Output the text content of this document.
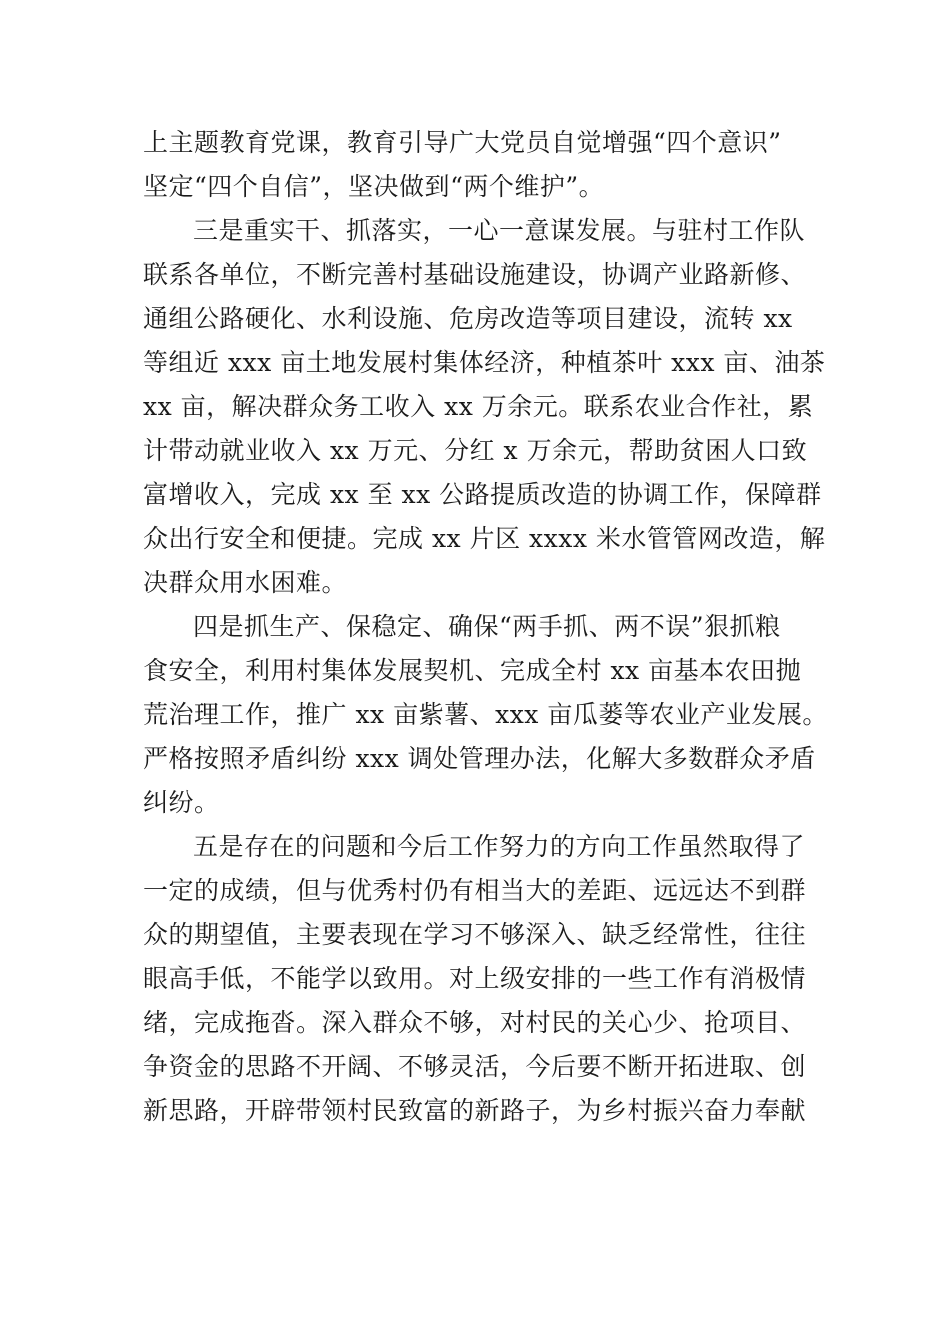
上主题教育党课，教育引导广大党员自觉增强“四个意识”
坚定“四个自信”，坚决做到“两个维护”。
三是重实干、抓落实，一心一意谋发展。与驻村工作队
联系各单位，不断完善村基础设施建设，协调产业路新修、
通组公路硬化、水利设施、危房改造等项目建设，流转 xx
等组近 xxx 亩土地发展村集体经济，种植茶叶 xxx 亩、油茶
xx 亩，解决群众务工收入 xx 万余元。联系农业合作社，累
计带动就业收入 xx 万元、分红 x 万余元，帮助贫困人口致
富增收入，完成 xx 至 xx 公路提质改造的协调工作，保障群
众出行安全和便捷。完成 xx 片区 xxxx 米水管管网改造，解
决群众用水困难。
四是抓生产、保稳定、确保“两手抓、两不误”狠抓粮
食安全，利用村集体发展契机、完成全村 xx 亩基本农田抛
荒治理工作，推广 xx 亩紫薯、xxx 亩瓜蒌等农业产业发展。
严格按照矛盾纠纷 xxx 调处管理办法，化解大多数群众矛盾
纠纷。
五是存在的问题和今后工作努力的方向工作虽然取得了
一定的成绩，但与优秀村仍有相当大的差距、远远达不到群
众的期望值，主要表现在学习不够深入、缺乏经常性，往往
眼高手低，不能学以致用。对上级安排的一些工作有消极情
绪，完成拖沓。深入群众不够，对村民的关心少、抢项目、
争资金的思路不开阔、不够灵活，今后要不断开拓进取、创
新思路，开辟带领村民致富的新路子，为乡村振兴奋力奉献
